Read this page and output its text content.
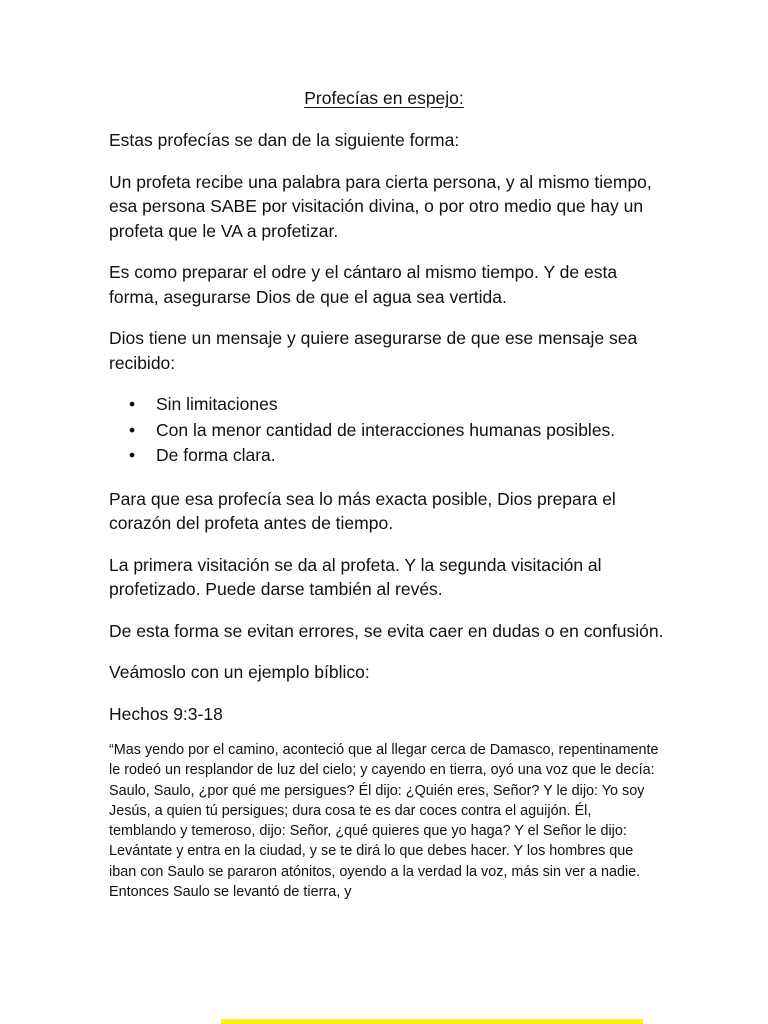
Profecías en espejo:

Estas profecías se dan de la siguiente forma:

Un profeta recibe una palabra para cierta persona, y al mismo tiempo, esa persona SABE por visitación divina, o por otro medio que hay un profeta que le VA a profetizar.

Es como preparar el odre y el cántaro al mismo tiempo. Y de esta forma, asegurarse Dios de que el agua sea vertida.

Dios tiene un mensaje y quiere asegurarse de que ese mensaje sea recibido:

• Sin limitaciones
• Con la menor cantidad de interacciones humanas posibles.
• De forma clara.

Para que esa profecía sea lo más exacta posible, Dios prepara el corazón del profeta antes de tiempo.

La primera visitación se da al profeta. Y la segunda visitación al profetizado. Puede darse también al revés.

De esta forma se evitan errores, se evita caer en dudas o en confusión.

Veámoslo con un ejemplo bíblico:

Hechos 9:3-18

“Mas yendo por el camino, aconteció que al llegar cerca de Damasco, repentinamente le rodeó un resplandor de luz del cielo; y cayendo en tierra, oyó una voz que le decía: Saulo, Saulo, ¿por qué me persigues? Él dijo: ¿Quién eres, Señor? Y le dijo: Yo soy Jesús, a quien tú persigues; dura cosa te es dar coces contra el aguijón. Él, temblando y temeroso, dijo: Señor, ¿qué quieres que yo haga? Y el Señor le dijo: Levántate y entra en la ciudad, y se te dirá lo que debes hacer. Y los hombres que iban con Saulo se pararon atónitos, oyendo a la verdad la voz, más sin ver a nadie. Entonces Saulo se levantó de tierra, y
